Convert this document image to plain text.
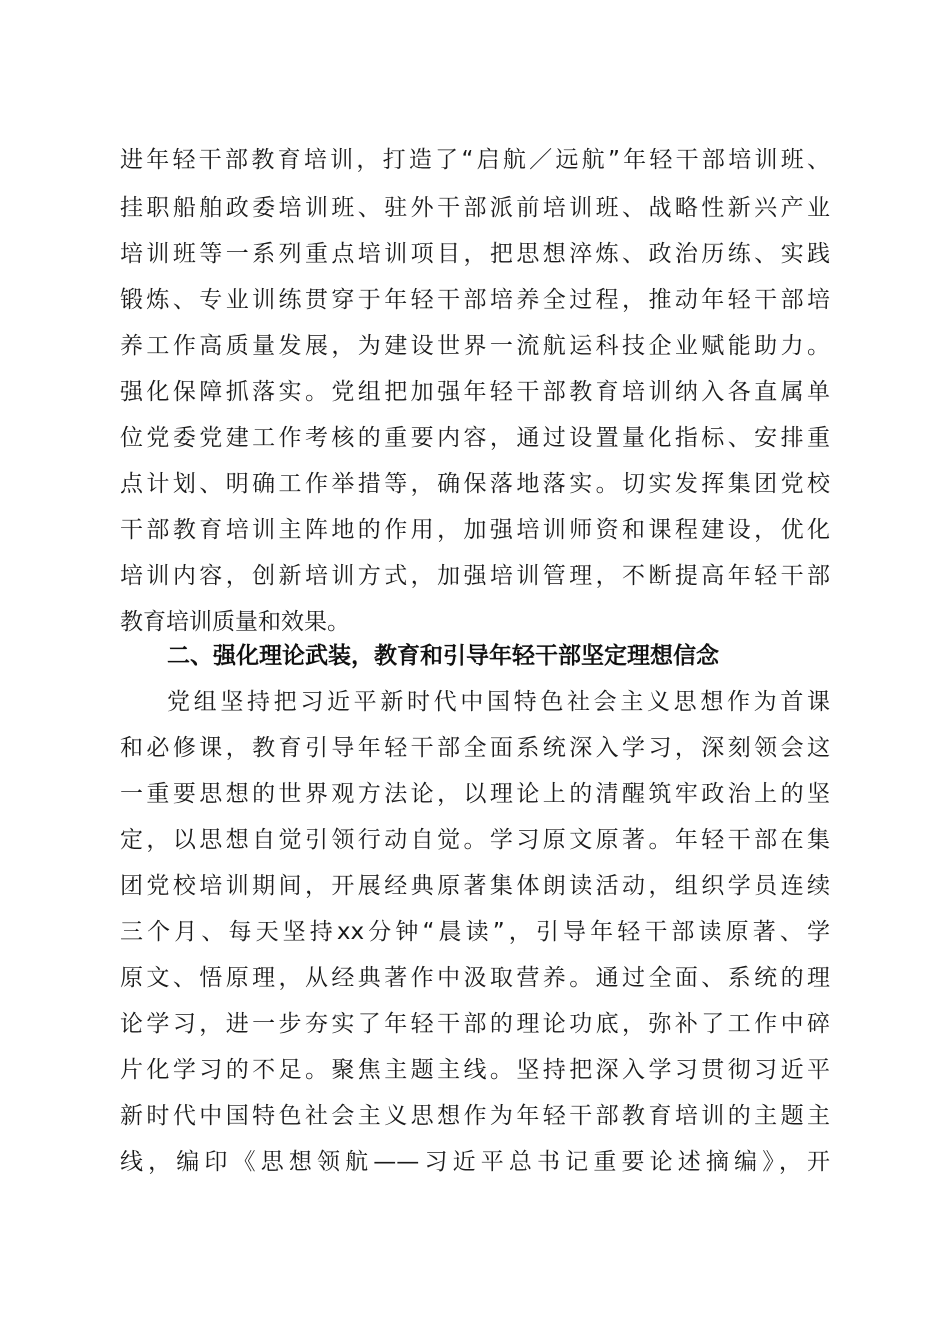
进年轻干部教育培训，打造了“启航／远航”年轻干部培训班、

挂职船舶政委培训班、驻外干部派前培训班、战略性新兴产业

培训班等一系列重点培训项目，把思想淬炼、政治历练、实践

锻炼、专业训练贯穿于年轻干部培养全过程，推动年轻干部培

养工作高质量发展，为建设世界一流航运科技企业赋能助力。

强化保障抓落实。党组把加强年轻干部教育培训纳入各直属单

位党委党建工作考核的重要内容，通过设置量化指标、安排重

点计划、明确工作举措等，确保落地落实。切实发挥集团党校

干部教育培训主阵地的作用，加强培训师资和课程建设，优化

培训内容，创新培训方式，加强培训管理，不断提高年轻干部

教育培训质量和效果。

二、强化理论武装，教育和引导年轻干部坚定理想信念

党组坚持把习近平新时代中国特色社会主义思想作为首课

和必修课，教育引导年轻干部全面系统深入学习，深刻领会这

一重要思想的世界观方法论，以理论上的清醒筑牢政治上的坚

定，以思想自觉引领行动自觉。学习原文原著。年轻干部在集

团党校培训期间，开展经典原著集体朗读活动，组织学员连续

三个月、每天坚持xx分钟“晨读”，引导年轻干部读原著、学

原文、悟原理，从经典著作中汲取营养。通过全面、系统的理

论学习，进一步夯实了年轻干部的理论功底，弥补了工作中碎

片化学习的不足。聚焦主题主线。坚持把深入学习贯彻习近平

新时代中国特色社会主义思想作为年轻干部教育培训的主题主

线，编印《思想领航——习近平总书记重要论述摘编》，开
